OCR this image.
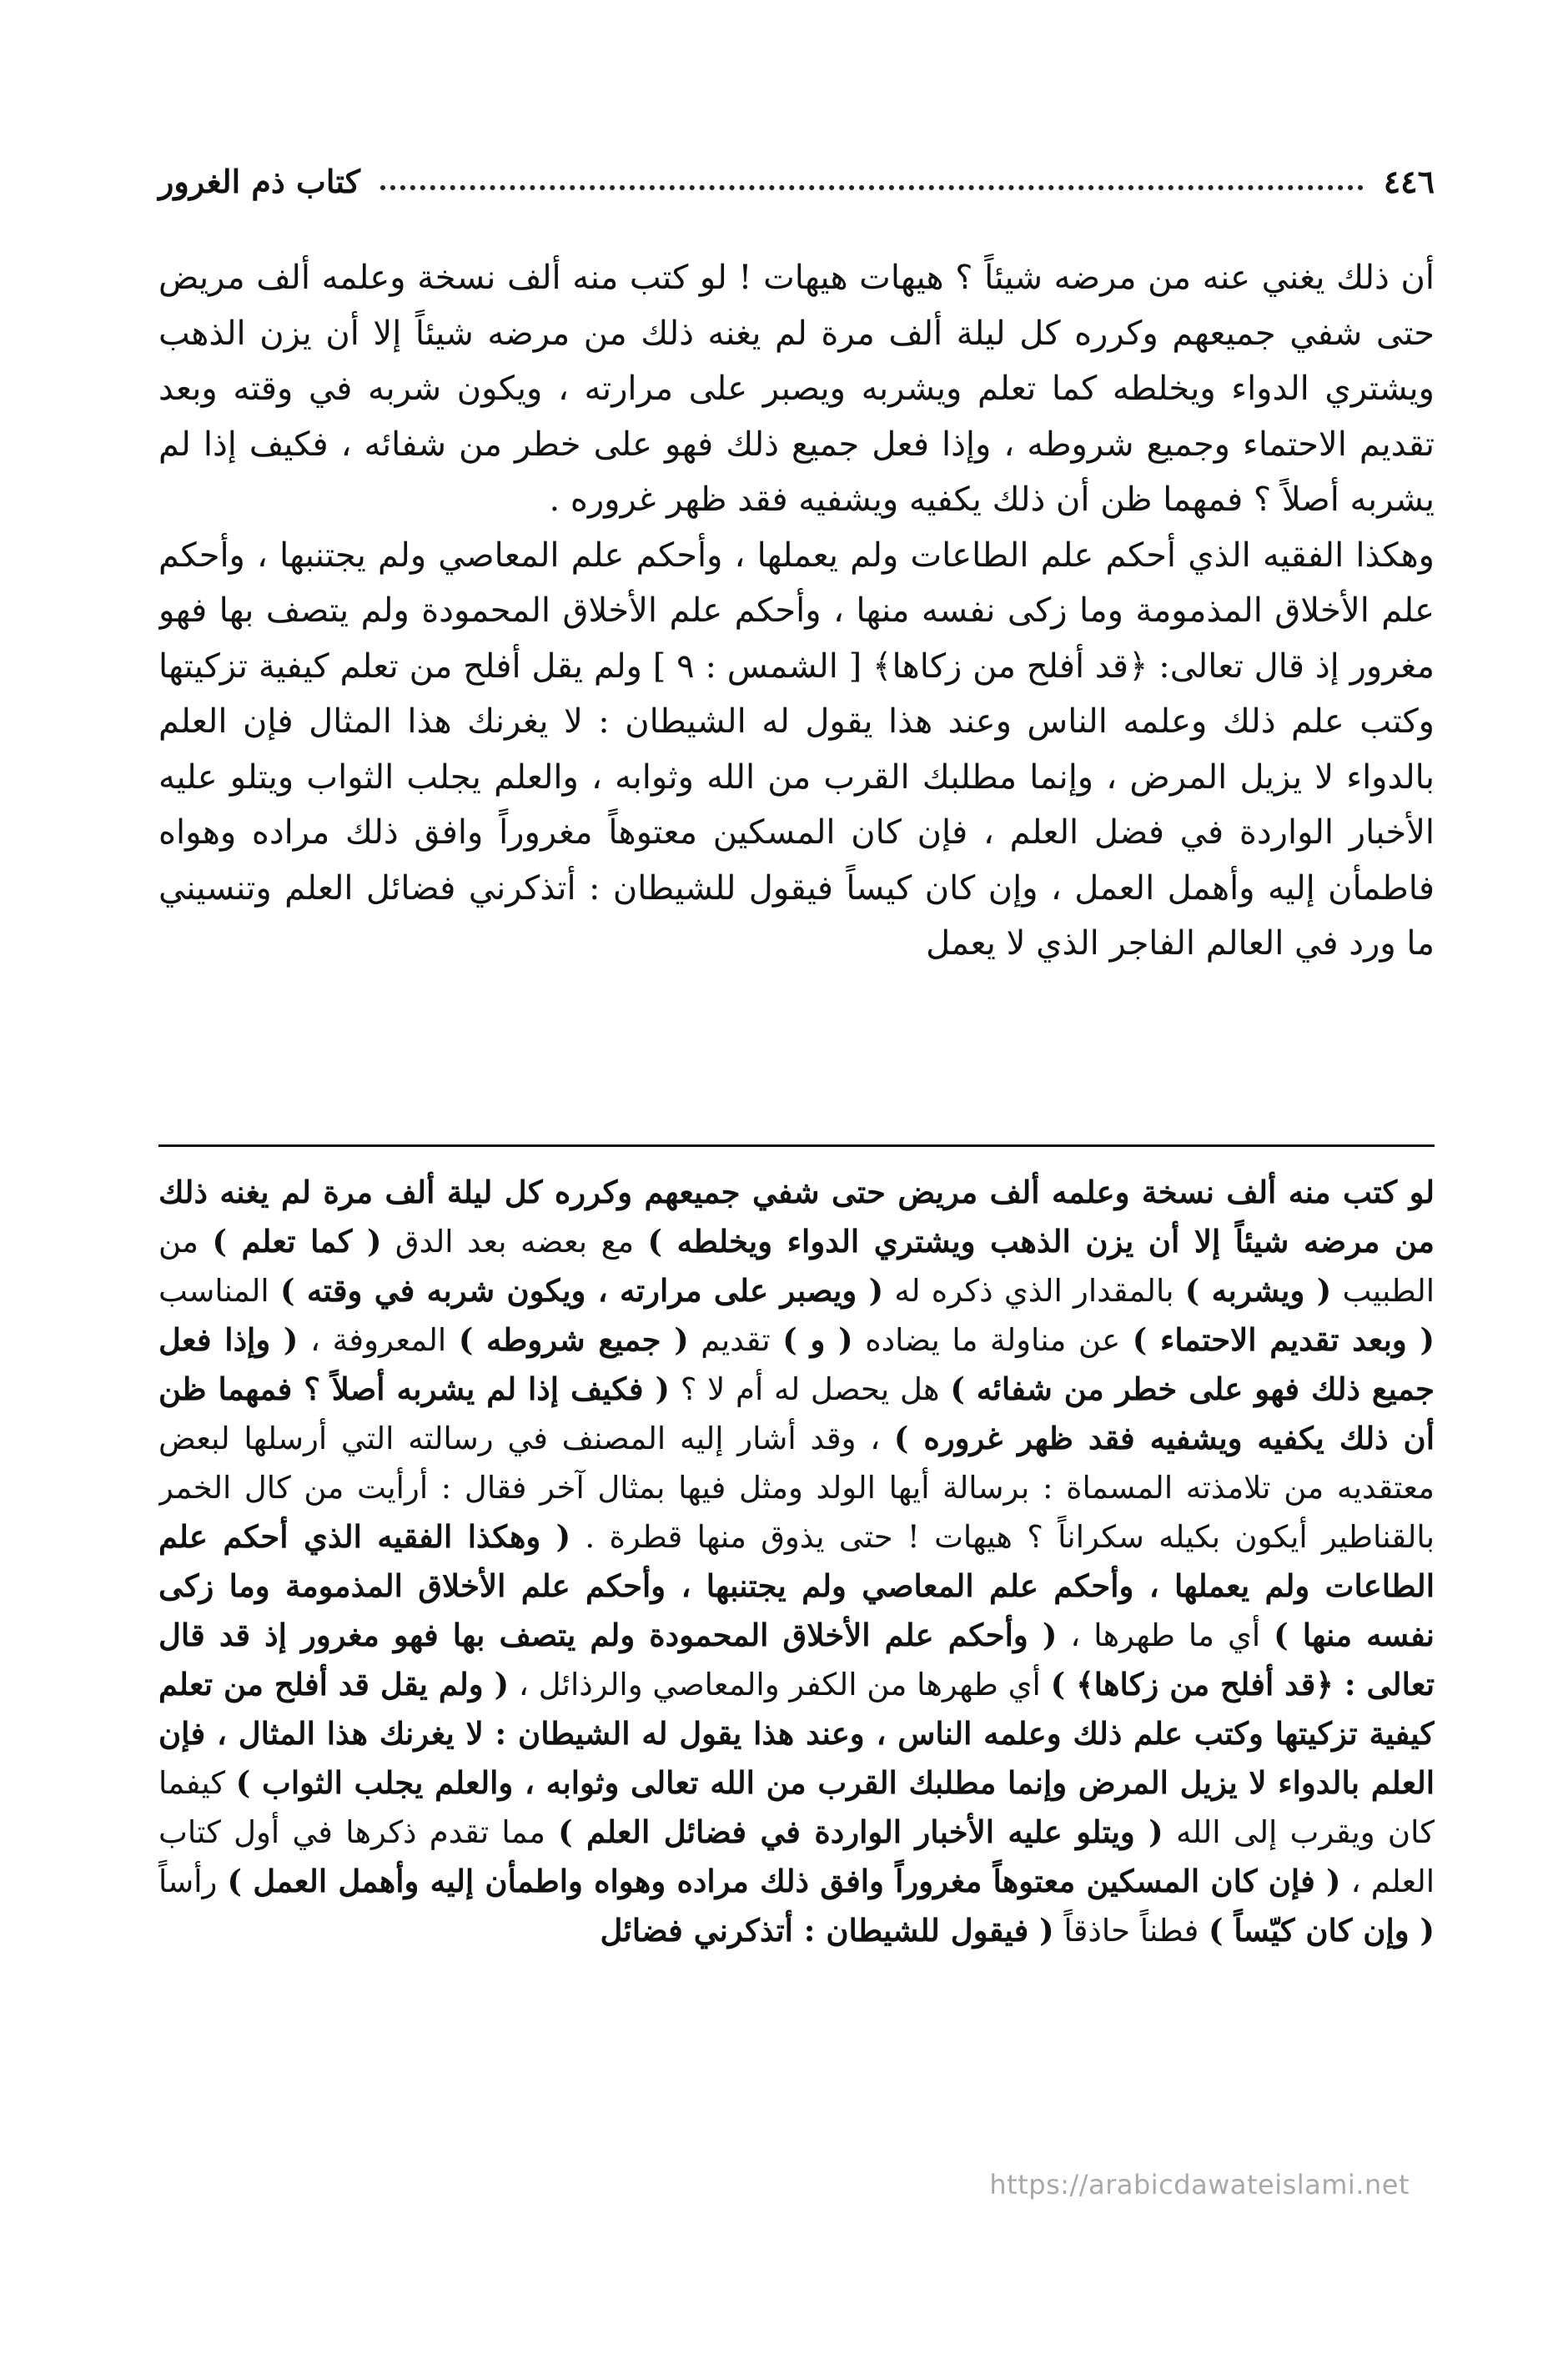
٤٤٦
كتاب ذم الغرور

أن ذلك يغني عنه من مرضه شيئاً ؟ هيهات هيهات ! لو كتب منه ألف نسخة وعلمه ألف مريض حتى شفي جميعهم وكرره كل ليلة ألف مرة لم يغنه ذلك من مرضه شيئاً إلا أن يزن الذهب ويشتري الدواء ويخلطه كما تعلم ويشربه ويصبر على مرارته ، ويكون شربه في وقته وبعد تقديم الاحتماء وجميع شروطه ، وإذا فعل جميع ذلك فهو على خطر من شفائه ، فكيف إذا لم يشربه أصلاً ؟ فمهما ظن أن ذلك يكفيه ويشفيه فقد ظهر غروره .

وهكذا الفقيه الذي أحكم علم الطاعات ولم يعملها ، وأحكم علم المعاصي ولم يجتنبها ، وأحكم علم الأخلاق المذمومة وما زكى نفسه منها ، وأحكم علم الأخلاق المحمودة ولم يتصف بها فهو مغرور إذ قال تعالى: ﴿قد أفلح من زكاها﴾ [ الشمس : ٩ ] ولم يقل أفلح من تعلم كيفية تزكيتها وكتب علم ذلك وعلمه الناس وعند هذا يقول له الشيطان : لا يغرنك هذا المثال فإن العلم بالدواء لا يزيل المرض ، وإنما مطلبك القرب من الله وثوابه ، والعلم يجلب الثواب ويتلو عليه الأخبار الواردة في فضل العلم ، فإن كان المسكين معتوهاً مغروراً وافق ذلك مراده وهواه فاطمأن إليه وأهمل العمل ، وإن كان كيساً فيقول للشيطان : أتذكرني فضائل العلم وتنسيني ما ورد في العالم الفاجر الذي لا يعمل

لو كتب منه ألف نسخة وعلمه ألف مريض حتى شفي جميعهم وكرره كل ليلة ألف مرة لم يغنه ذلك من مرضه شيئاً إلا أن يزن الذهب ويشتري الدواء ويخلطه ) مع بعضه بعد الدق ( كما تعلم ) من الطبيب ( ويشربه ) بالمقدار الذي ذكره له ( ويصبر على مرارته ، ويكون شربه في وقته ) المناسب ( وبعد تقديم الاحتماء ) عن مناولة ما يضاده ( و ) تقديم ( جميع شروطه ) المعروفة ، ( وإذا فعل جميع ذلك فهو على خطر من شفائه ) هل يحصل له أم لا ؟ ( فكيف إذا لم يشربه أصلاً ؟ فمهما ظن أن ذلك يكفيه ويشفيه فقد ظهر غروره ) ، وقد أشار إليه المصنف في رسالته التي أرسلها لبعض معتقديه من تلامذته المسماة : برسالة أيها الولد ومثل فيها بمثال آخر فقال : أرأيت من كال الخمر بالقناطير أيكون بكيله سكراناً ؟ هيهات ! حتى يذوق منها قطرة . ( وهكذا الفقيه الذي أحكم علم الطاعات ولم يعملها ، وأحكم علم المعاصي ولم يجتنبها ، وأحكم علم الأخلاق المذمومة وما زكى نفسه منها ) أي ما طهرها ، ( وأحكم علم الأخلاق المحمودة ولم يتصف بها فهو مغرور إذ قد قال تعالى : ﴿قد أفلح من زكاها﴾ ) أي طهرها من الكفر والمعاصي والرذائل ، ( ولم يقل قد أفلح من تعلم كيفية تزكيتها وكتب علم ذلك وعلمه الناس ، وعند هذا يقول له الشيطان : لا يغرنك هذا المثال ، فإن العلم بالدواء لا يزيل المرض وإنما مطلبك القرب من الله تعالى وثوابه ، والعلم يجلب الثواب ) كيفما كان ويقرب إلى الله ( ويتلو عليه الأخبار الواردة في فضائل العلم ) مما تقدم ذكرها في أول كتاب العلم ، ( فإن كان المسكين معتوهاً مغروراً وافق ذلك مراده وهواه واطمأن إليه وأهمل العمل ) رأساً ( وإن كان كيّساً ) فطناً حاذقاً ( فيقول للشيطان : أتذكرني فضائل

https://arabicdawateislami.net
